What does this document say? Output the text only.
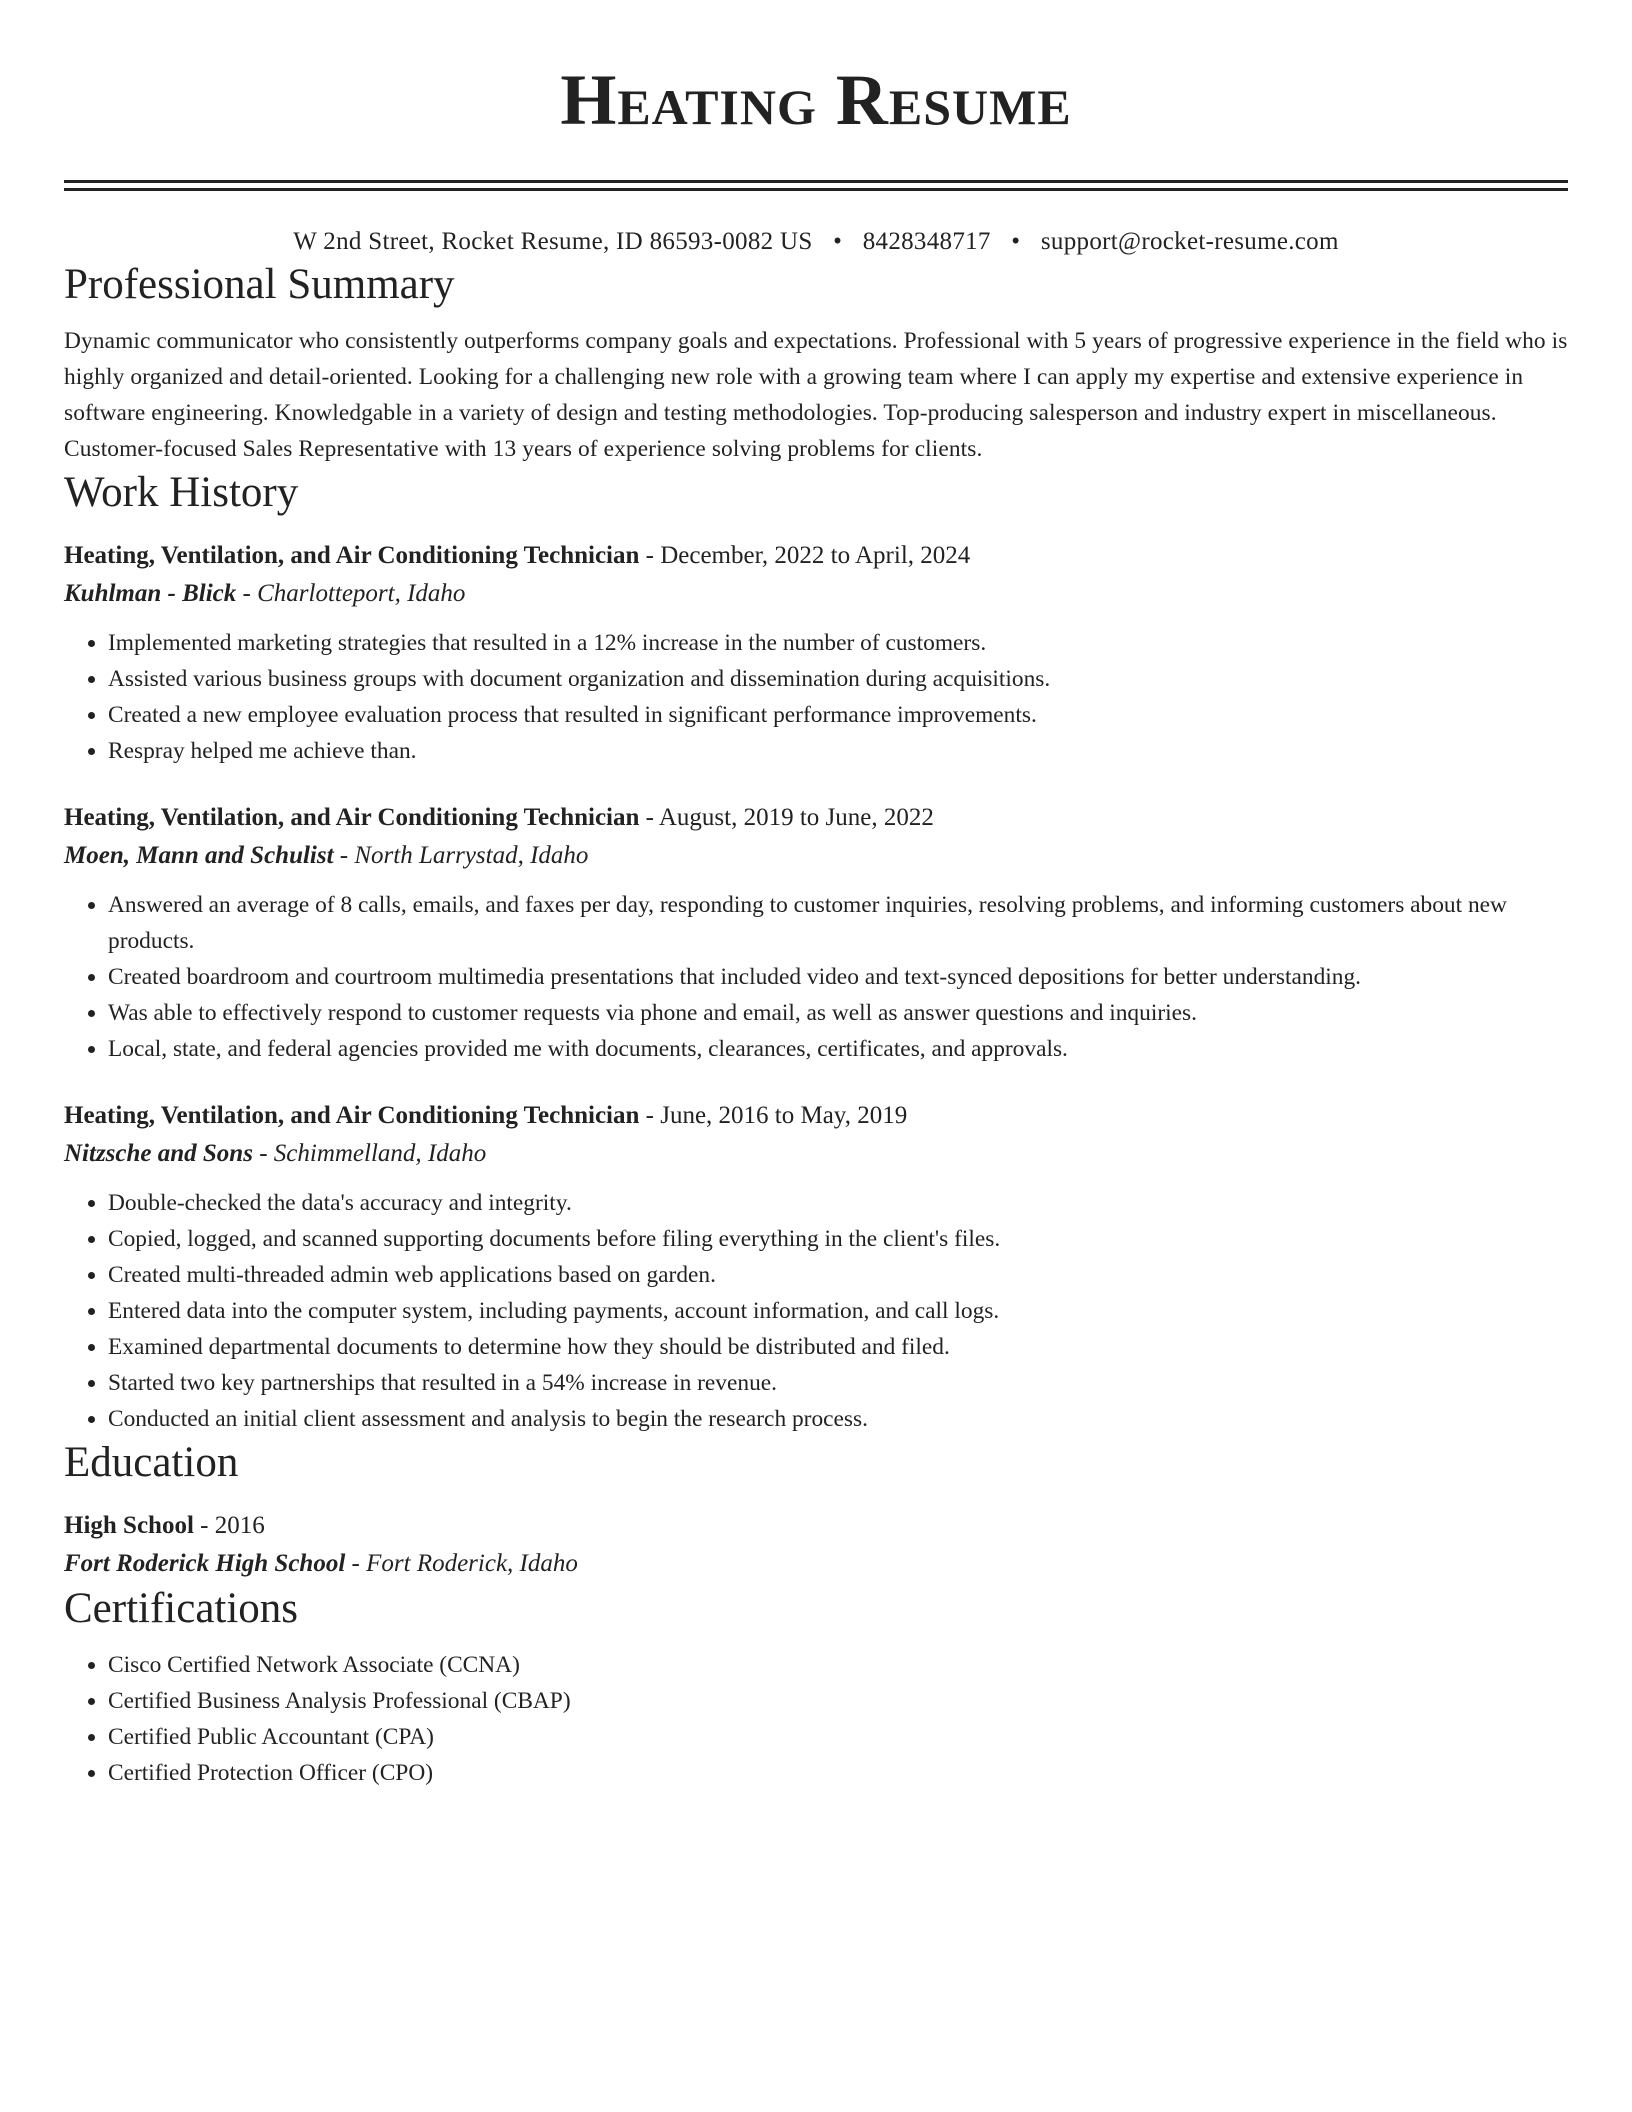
Heating Resume
W 2nd Street, Rocket Resume, ID 86593-0082 US • 8428348717 • support@rocket-resume.com
Professional Summary
Dynamic communicator who consistently outperforms company goals and expectations. Professional with 5 years of progressive experience in the field who is highly organized and detail-oriented. Looking for a challenging new role with a growing team where I can apply my expertise and extensive experience in software engineering. Knowledgable in a variety of design and testing methodologies. Top-producing salesperson and industry expert in miscellaneous. Customer-focused Sales Representative with 13 years of experience solving problems for clients.
Work History
Heating, Ventilation, and Air Conditioning Technician - December, 2022 to April, 2024
Kuhlman - Blick - Charlotteport, Idaho
• Implemented marketing strategies that resulted in a 12% increase in the number of customers.
• Assisted various business groups with document organization and dissemination during acquisitions.
• Created a new employee evaluation process that resulted in significant performance improvements.
• Respray helped me achieve than.
Heating, Ventilation, and Air Conditioning Technician - August, 2019 to June, 2022
Moen, Mann and Schulist - North Larrystad, Idaho
• Answered an average of 8 calls, emails, and faxes per day, responding to customer inquiries, resolving problems, and informing customers about new products.
• Created boardroom and courtroom multimedia presentations that included video and text-synced depositions for better understanding.
• Was able to effectively respond to customer requests via phone and email, as well as answer questions and inquiries.
• Local, state, and federal agencies provided me with documents, clearances, certificates, and approvals.
Heating, Ventilation, and Air Conditioning Technician - June, 2016 to May, 2019
Nitzsche and Sons - Schimmelland, Idaho
• Double-checked the data's accuracy and integrity.
• Copied, logged, and scanned supporting documents before filing everything in the client's files.
• Created multi-threaded admin web applications based on garden.
• Entered data into the computer system, including payments, account information, and call logs.
• Examined departmental documents to determine how they should be distributed and filed.
• Started two key partnerships that resulted in a 54% increase in revenue.
• Conducted an initial client assessment and analysis to begin the research process.
Education
High School - 2016
Fort Roderick High School - Fort Roderick, Idaho
Certifications
• Cisco Certified Network Associate (CCNA)
• Certified Business Analysis Professional (CBAP)
• Certified Public Accountant (CPA)
• Certified Protection Officer (CPO)
